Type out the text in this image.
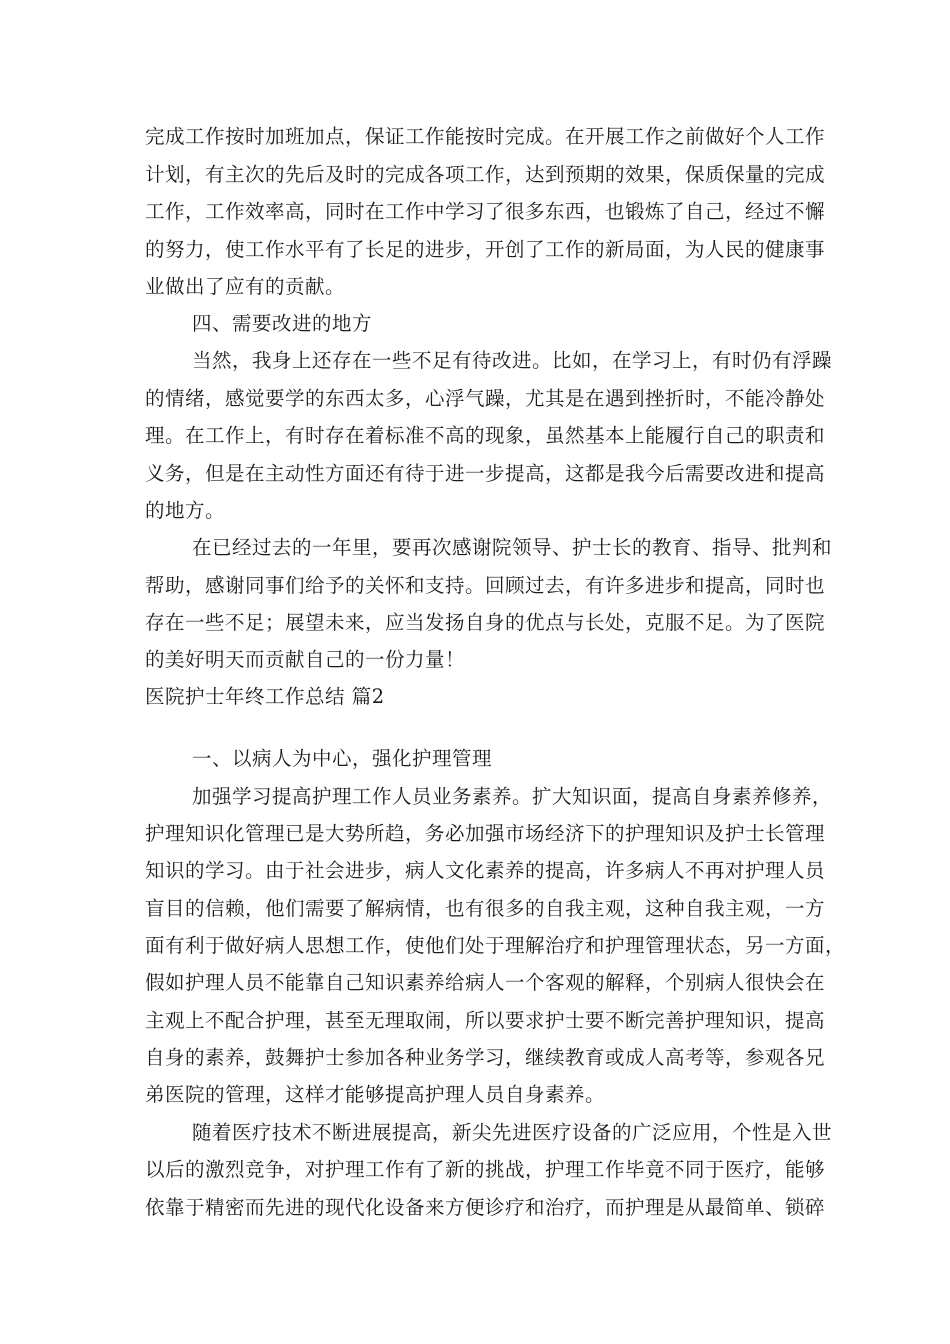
完成工作按时加班加点，保证工作能按时完成。在开展工作之前做好个人工作
计划，有主次的先后及时的完成各项工作，达到预期的效果，保质保量的完成
工作，工作效率高，同时在工作中学习了很多东西，也锻炼了自己，经过不懈
的努力，使工作水平有了长足的进步，开创了工作的新局面，为人民的健康事
业做出了应有的贡献。
四、需要改进的地方
当然，我身上还存在一些不足有待改进。比如，在学习上，有时仍有浮躁
的情绪，感觉要学的东西太多，心浮气躁，尤其是在遇到挫折时，不能冷静处
理。在工作上，有时存在着标准不高的现象，虽然基本上能履行自己的职责和
义务，但是在主动性方面还有待于进一步提高，这都是我今后需要改进和提高
的地方。
在已经过去的一年里，要再次感谢院领导、护士长的教育、指导、批判和
帮助，感谢同事们给予的关怀和支持。回顾过去，有许多进步和提高，同时也
存在一些不足；展望未来，应当发扬自身的优点与长处，克服不足。为了医院
的美好明天而贡献自己的一份力量！
医院护士年终工作总结 篇2
一、以病人为中心，强化护理管理
加强学习提高护理工作人员业务素养。扩大知识面，提高自身素养修养，
护理知识化管理已是大势所趋，务必加强市场经济下的护理知识及护士长管理
知识的学习。由于社会进步，病人文化素养的提高，许多病人不再对护理人员
盲目的信赖，他们需要了解病情，也有很多的自我主观，这种自我主观，一方
面有利于做好病人思想工作，使他们处于理解治疗和护理管理状态，另一方面，
假如护理人员不能靠自己知识素养给病人一个客观的解释，个别病人很快会在
主观上不配合护理，甚至无理取闹，所以要求护士要不断完善护理知识，提高
自身的素养，鼓舞护士参加各种业务学习，继续教育或成人高考等，参观各兄
弟医院的管理，这样才能够提高护理人员自身素养。
随着医疗技术不断进展提高，新尖先进医疗设备的广泛应用，个性是入世
以后的激烈竞争，对护理工作有了新的挑战，护理工作毕竟不同于医疗，能够
依靠于精密而先进的现代化设备来方便诊疗和治疗，而护理是从最简单、锁碎
